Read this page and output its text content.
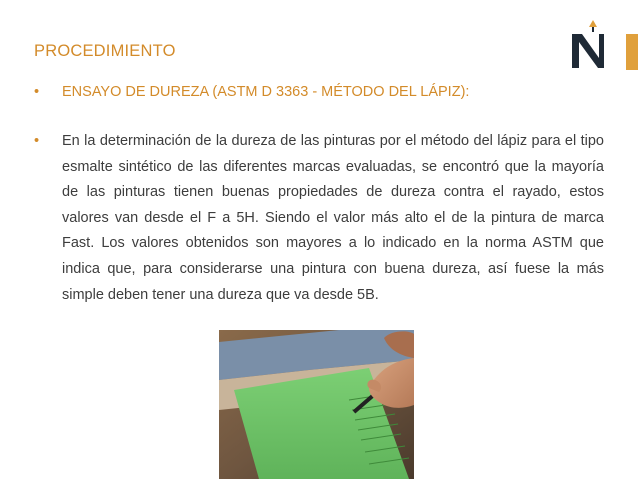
PROCEDIMIENTO
• ENSAYO DE DUREZA (ASTM D 3363 - MÉTODO DEL LÁPIZ):
• En la determinación de la dureza de las pinturas por el método del lápiz para el tipo esmalte sintético de las diferentes marcas evaluadas, se encontró que la mayoría de las pinturas tienen buenas propiedades de dureza contra el rayado, estos valores van desde el F a 5H. Siendo el valor más alto el de la pintura de marca Fast. Los valores obtenidos son mayores a lo indicado en la norma ASTM que indica que, para considerarse una pintura con buena dureza, así fuese la más simple deben tener una dureza que va desde 5B.
